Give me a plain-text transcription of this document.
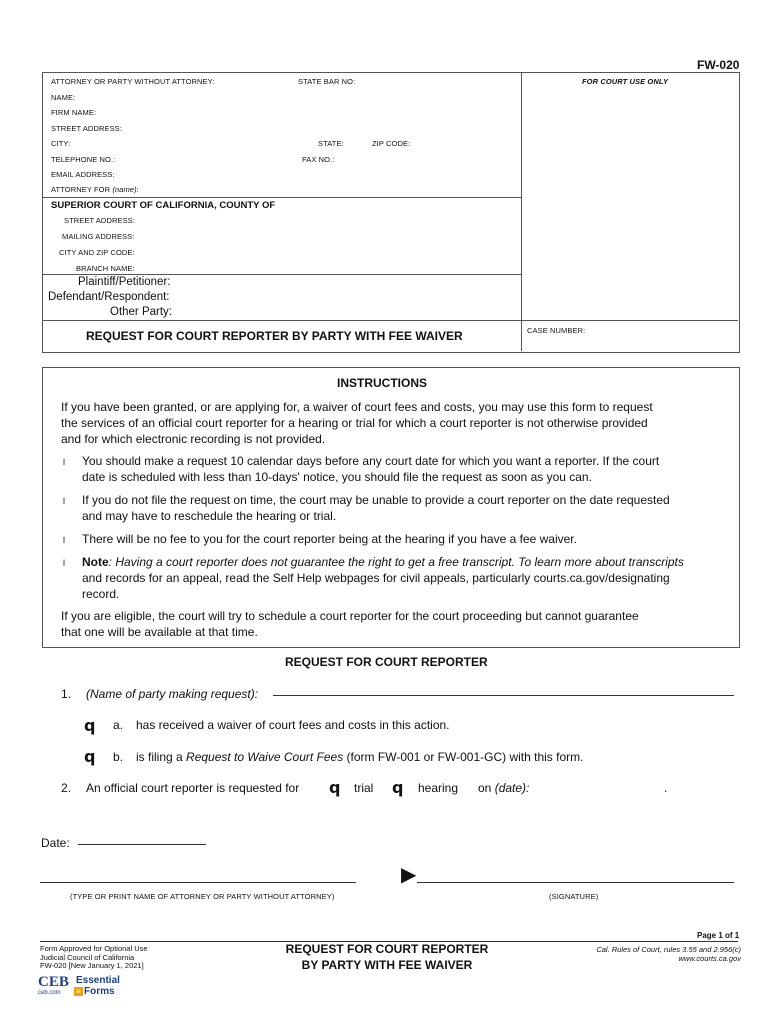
FW-020
ATTORNEY OR PARTY WITHOUT ATTORNEY:	STATE BAR NO:	FOR COURT USE ONLY
NAME:
FIRM NAME:
STREET ADDRESS:
CITY:	STATE:	ZIP CODE:
TELEPHONE NO.:	FAX NO.:
EMAIL ADDRESS:
ATTORNEY FOR (name):
SUPERIOR COURT OF CALIFORNIA, COUNTY OF
STREET ADDRESS:
MAILING ADDRESS:
CITY AND ZIP CODE:
BRANCH NAME:
Plaintiff/Petitioner:
Defendant/Respondent:
Other Party:
REQUEST FOR COURT REPORTER BY PARTY WITH FEE WAIVER	CASE NUMBER:
INSTRUCTIONS
If you have been granted, or are applying for, a waiver of court fees and costs, you may use this form to request
the services of an official court reporter for a hearing or trial for which a court reporter is not otherwise provided
and for which electronic recording is not provided.
l You should make a request 10 calendar days before any court date for which you want a reporter. If the court
date is scheduled with less than 10-days' notice, you should file the request as soon as you can.
l If you do not file the request on time, the court may be unable to provide a court reporter on the date requested
and may have to reschedule the hearing or trial.
l There will be no fee to you for the court reporter being at the hearing if you have a fee waiver.
l Note: Having a court reporter does not guarantee the right to get a free transcript. To learn more about transcripts
and records for an appeal, read the Self Help webpages for civil appeals, particularly courts.ca.gov/designating
record.
If you are eligible, the court will try to schedule a court reporter for the court proceeding but cannot guarantee
that one will be available at that time.
REQUEST FOR COURT REPORTER
1. (Name of party making request):
q a. has received a waiver of court fees and costs in this action.
q b. is filing a Request to Waive Court Fees (form FW-001 or FW-001-GC) with this form.
2. An official court reporter is requested for q trial q hearing on (date):	.
Date:
▶
(TYPE OR PRINT NAME OF ATTORNEY OR PARTY WITHOUT ATTORNEY)	(SIGNATURE)
Page 1 of 1
Form Approved for Optional Use
Judicial Council of California
FW-020 [New January 1, 2021]
REQUEST FOR COURT REPORTER
BY PARTY WITH FEE WAIVER
Cal. Rules of Court, rules 3.55 and 2.956(c)
www.courts.ca.gov
CEB
ceb.com
Essential
≡ Forms
